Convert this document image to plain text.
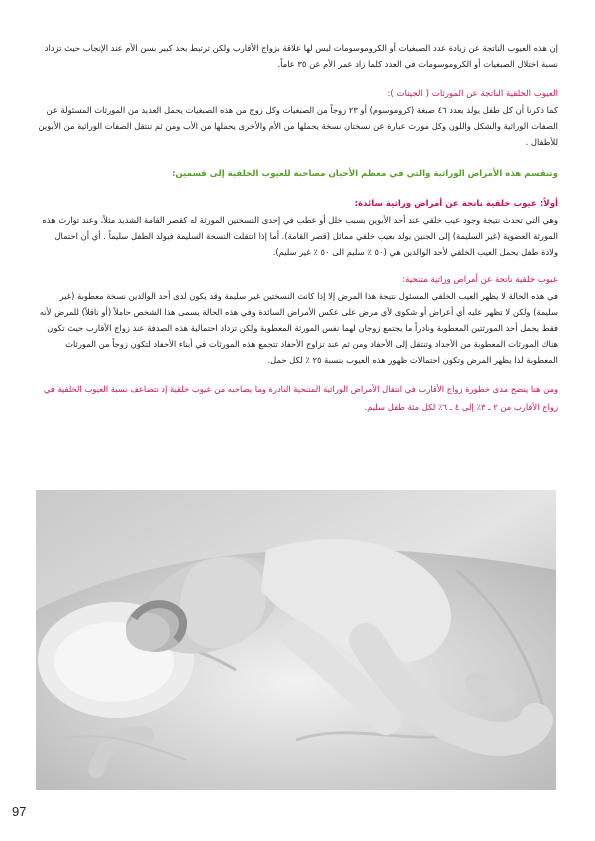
إن هذه العيوب الناتجة عن زيادة عدد الصبغيات أو الكروموسومات ليس لها علاقة بزواج الأقارب ولكن ترتبط بحد كبير بسن الأم عند الإنجاب حيث تزداد نسبة اختلال الصبغيات أو الكروموسومات في العدد كلما زاد عمر الأم عن ٣٥ عاماً.

العيوب الخلقية الناتجة عن المورثات ( الجينات ):

كما ذكرنا أن كل طفل يولد بعدد ٤٦ صبغة (كروموسوم) أو ٢٣ زوجاً من الصبغيات وكل زوج من هذه الصبغيات يحمل العديد من المورثات المسئولة عن الصفات الوراثية والشكل واللون وكل مورث عبارة عن نسختان نسخة يحملها من الأم والأخرى يحملها من الأب ومن ثم تنتقل الصفات الوراثية من الأبوين للأطفال .

وتنقسم هذه الأمراض الوراثية والتي في معظم الأحيان مصاحبة للعيوب الخلقية إلى قسمين:

أولاً: عيوب خلقية ناتجة عن أمراض وراثية سائدة:

وهي التي تحدث نتيجة وجود عيب خلقي عند أحد الأبوين بسبب خلل أو عطب في إحدى النسختين المورثة له كقصر القامة الشديد مثلاً، وعند توارث هذه المورثة العضوية (غير السليمة) إلى الجنين يولد بعيب خلقي مماثل (قصر القامة). أما إذا انتقلت النسخة السليمة فيولد الطفل سليماً . أي أن احتمال ولادة طفل يحمل العيب الخلقي لأحد الوالدين هي (٥٠ ٪ سليم الى ٥٠ ٪ غير سليم).

عيوب خلقية ناتجة عن أمراض وراثية متنحية:

في هذه الحالة لا يظهر العيب الخلقي المسئول نتيجة هذا المرض إلا إذا كانت النسختين غير سليمة وقد يكون لدى أحد الوالدين نسخة معطوبة (غير سليمة) ولكن لا تظهر عليه أي أعراض أو شكوى لأي مرض على عكس الأمراض السائدة وفي هذه الحالة يسمى هذا الشخص حاملاً (أو ناقلاً) للمرض لأنه فقط يحمل أحد المورثتين المعطوبة ونادراً ما يجتمع زوجان لهما نفس المورثة المعطوبة ولكن تزداد احتمالية هذه الصدفة عند زواج الأقارب حيث تكون هناك المورثات المعطوبة من الأجداد وتنتقل إلى الأحفاد ومن ثم عند تزاوج الأحفاد تتجمع هذه المورثات في أبناء الأحفاد لتكون زوجاً من المورثات المعطوبة لذا يظهر المرض وتكون احتمالات ظهور هذه العيوب بنسبة ٢٥ ٪ لكل حمل.

ومن هنا يتضح مدى خطورة زواج الأقارب في انتقال الأمراض الوراثية المتنحية النادرة وما يصاحبه من عيوب خلقية إذ تتضاعف نسبة العيوب الخلقية في زواج الأقارب من ٢ ـ ٣٪ إلى ٤ ـ ٦٪ لكل مئة طفل سليم.

97
